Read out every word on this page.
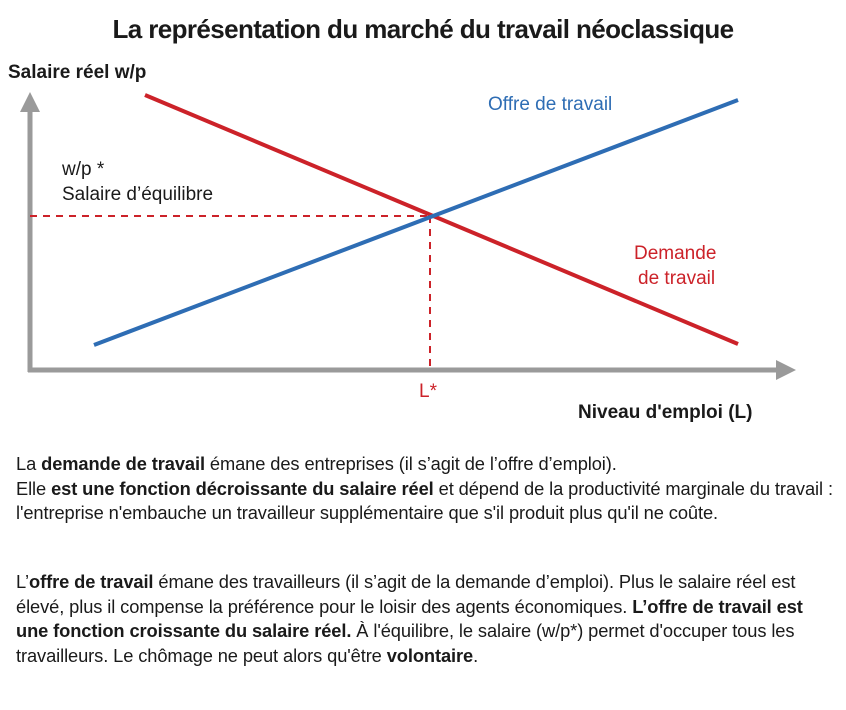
La représentation du marché du travail néoclassique
Salaire réel w/p
w/p *
Salaire d’équilibre
Offre de travail
Demande
de travail
L*
Niveau d'emploi (L)

La demande de travail émane des entreprises (il s’agit de l’offre d’emploi).
Elle est une fonction décroissante du salaire réel et dépend de la productivité marginale du travail : l'entreprise n'embauche un travailleur supplémentaire que s'il produit plus qu'il ne coûte.

L’offre de travail émane des travailleurs (il s’agit de la demande d’emploi). Plus le salaire réel est élevé, plus il compense la préférence pour le loisir des agents économiques. L’offre de travail est une fonction croissante du salaire réel. À l'équilibre, le salaire (w/p*) permet d'occuper tous les travailleurs. Le chômage ne peut alors qu'être volontaire.
